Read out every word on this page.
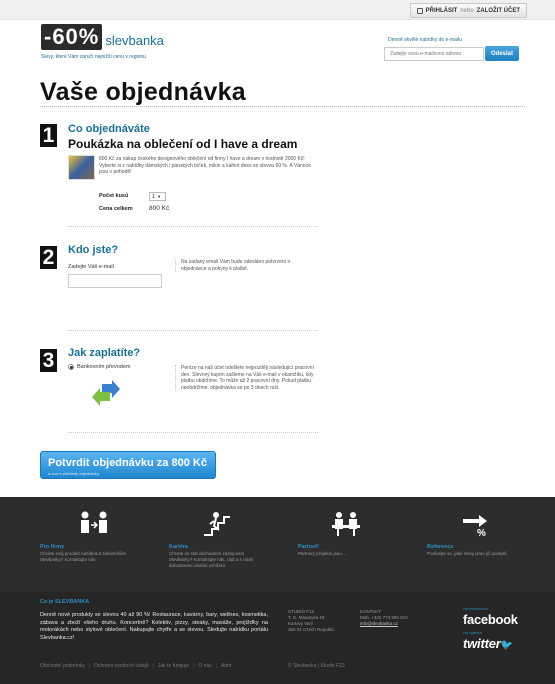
PŘIHLÁSIT nebo ZALOŽIT ÚČET
-60% slevbanka
Slevy, které Vám zaručí nejnižší cenu v regionu
Denně skvělé nabídky do e-mailu
Zadejte svou e-mailovou adresu
Odeslat
Vaše objednávka
1 Co objednáváte
Poukázka na oblečení od I have a dream
800 Kč za nákup českého designového oblečení od firmy I have a dream v hodnotě 2000 Kč! Vyberte si z nabídky dámských i pánských triček, mikin a kalhot dnes se slevou 60 %. A Vánoce jsou v pohodě!
Počet kusů	1 ▼
Cena celkem	800 Kč
2 Kdo jste?
Zadejte Váš e-mail
Na zadaný email Vám bude odesláno potvrzení o objednávce a pokyny k platbě.
3 Jak zaplatíte?
Bankovním převodem	Peníze na náš účet odešlete nejpozději následující pracovní den. Slevový kupón zašleme na Váš e-mail v okamžiku, kdy platbu obdržíme. To může až 2 pracovní dny. Pokud platbu neobdržíme, objednávka se po 3 dnech ruší.
Potvrdit objednávku za 800 Kč
a chci s přehledy objednávky
%
Pro firmy
Chcete svůj produkt nabídnout zákazníkům Slevbanky? Kontaktujte nás
Kariéra
Chcete se stát obchodním zástupcem Slevbanky? Kontaktujte nás, rádi a s Vámi dohodneme osobní schůzku
Partneři
Partnery projektu jsou ...
Reference
Podívejte se, jaké slevy jsme již poskytli
Co je SLEVBANKA
Denně nové produkty se slevou 40 až 90 %! Restaurace, kavárny, bary, wellnes, kosmetika, zábava a zboží všeho druhu. Koncertně? Kolektiv, pizzy, steaky, masáže, projížďky na motorákách nebo stylové oblečení. Nakupujte chytře a se slevou. Sledujte nabídku portálu Slevbanka.cz!
STUDIO F13
T. G. Masaryka 18
Karlovy Vary
360 01 Czech Republic
KONTAKT
Mob. +420 773 900 910
info@slevbanka.cz
Na facebooku
facebook
Na twitteru
twitter🐦
Obchodní podmínky | Ochrana osobních údajů | Jak to funguje | O nás | Adm	© Slevbanka | Studio F13
